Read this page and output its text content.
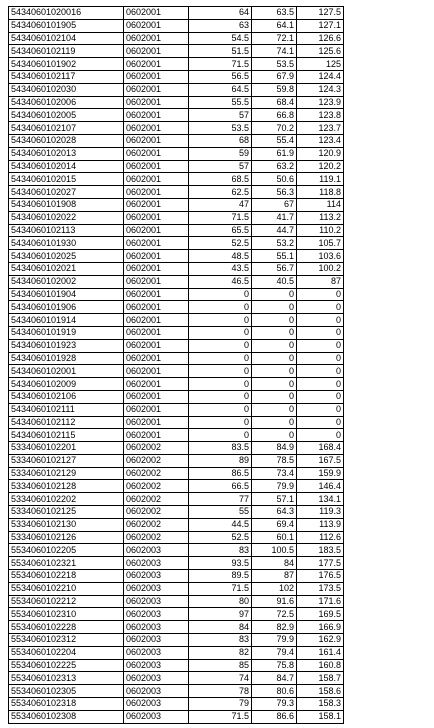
54340601020016	0602001	64	63.5	127.5
5434060101905	0602001	63	64.1	127.1
5434060102104	0602001	54.5	72.1	126.6
5434060102119	0602001	51.5	74.1	125.6
5434060101902	0602001	71.5	53.5	125
5434060102117	0602001	56.5	67.9	124.4
5434060102030	0602001	64.5	59.8	124.3
5434060102006	0602001	55.5	68.4	123.9
5434060102005	0602001	57	66.8	123.8
5434060102107	0602001	53.5	70.2	123.7
5434060102028	0602001	68	55.4	123.4
5434060102013	0602001	59	61.9	120.9
5434060102014	0602001	57	63.2	120.2
5434060102015	0602001	68.5	50.6	119.1
5434060102027	0602001	62.5	56.3	118.8
5434060101908	0602001	47	67	114
5434060102022	0602001	71.5	41.7	113.2
5434060102113	0602001	65.5	44.7	110.2
5434060101930	0602001	52.5	53.2	105.7
5434060102025	0602001	48.5	55.1	103.6
5434060102021	0602001	43.5	56.7	100.2
5434060102002	0602001	46.5	40.5	87
5434060101904	0602001	0	0	0
5434060101906	0602001	0	0	0
5434060101914	0602001	0	0	0
5434060101919	0602001	0	0	0
5434060101923	0602001	0	0	0
5434060101928	0602001	0	0	0
5434060102001	0602001	0	0	0
5434060102009	0602001	0	0	0
5434060102106	0602001	0	0	0
5434060102111	0602001	0	0	0
5434060102112	0602001	0	0	0
5434060102115	0602001	0	0	0
5334060102201	0602002	83.5	84.9	168.4
5334060102127	0602002	89	78.5	167.5
5334060102129	0602002	86.5	73.4	159.9
5334060102128	0602002	66.5	79.9	146.4
5334060102202	0602002	77	57.1	134.1
5334060102125	0602002	55	64.3	119.3
5334060102130	0602002	44.5	69.4	113.9
5334060102126	0602002	52.5	60.1	112.6
5534060102205	0602003	83	100.5	183.5
5534060102321	0602003	93.5	84	177.5
5534060102218	0602003	89.5	87	176.5
5534060102210	0602003	71.5	102	173.5
5534060102212	0602003	80	91.6	171.6
5534060102310	0602003	97	72.5	169.5
5534060102228	0602003	84	82.9	166.9
5534060102312	0602003	83	79.9	162.9
5534060102204	0602003	82	79.4	161.4
5534060102225	0602003	85	75.8	160.8
5534060102313	0602003	74	84.7	158.7
5534060102305	0602003	78	80.6	158.6
5534060102318	0602003	79	79.3	158.3
5534060102308	0602003	71.5	86.6	158.1
